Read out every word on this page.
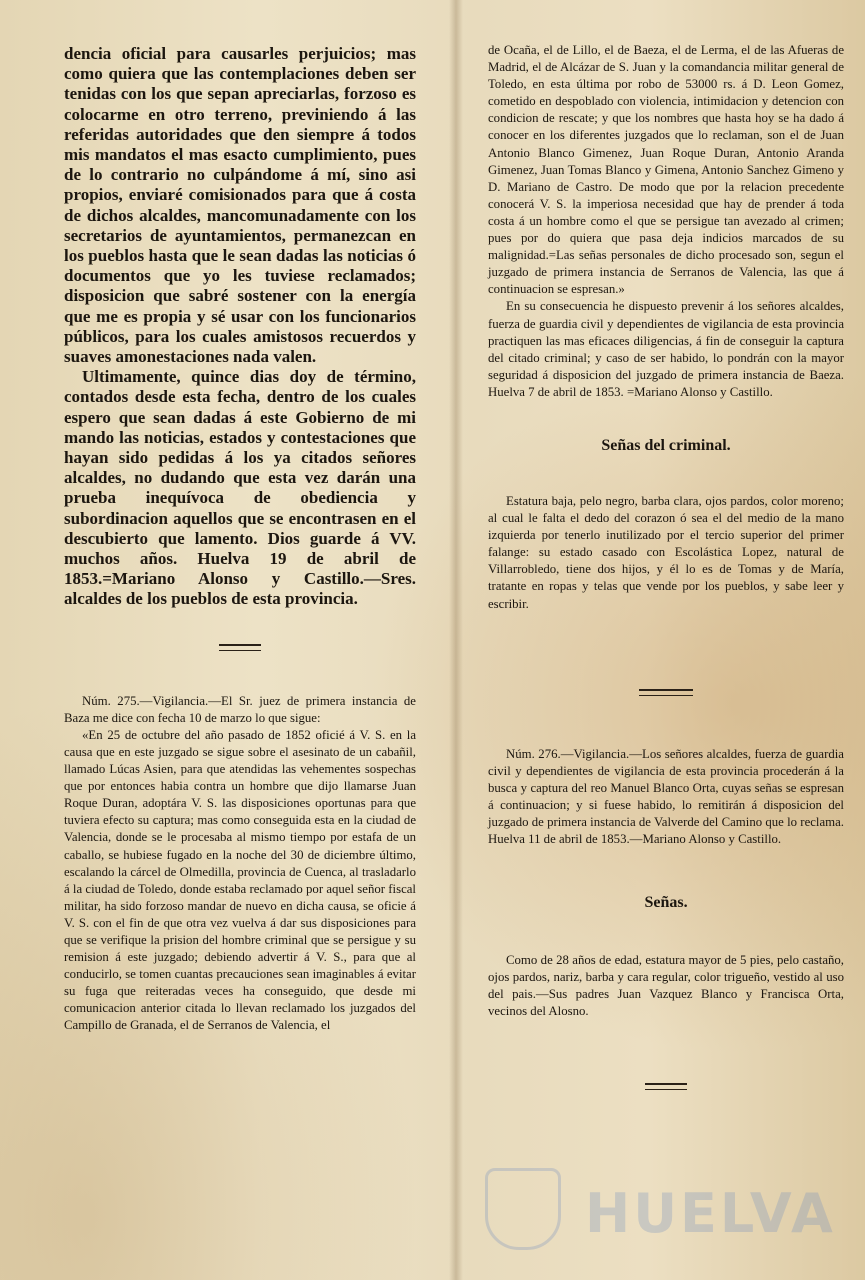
dencia oficial para causarles perjuicios; mas como quiera que las contemplaciones deben ser tenidas con los que sepan apreciarlas, forzoso es colocarme en otro terreno, previniendo á las referidas autoridades que den siempre á todos mis mandatos el mas esacto cumplimiento, pues de lo contrario no culpándome á mí, sino asi propios, enviaré comisionados para que á costa de dichos alcaldes, mancomunadamente con los secretarios de ayuntamientos, permanezcan en los pueblos hasta que le sean dadas las noticias ó documentos que yo les tuviese reclamados; disposicion que sabré sostener con la energía que me es propia y sé usar con los funcionarios públicos, para los cuales amistosos recuerdos y suaves amonestaciones nada valen.

Ultimamente, quince dias doy de término, contados desde esta fecha, dentro de los cuales espero que sean dadas á este Gobierno de mi mando las noticias, estados y contestaciones que hayan sido pedidas á los ya citados señores alcaldes, no dudando que esta vez darán una prueba inequívoca de obediencia y subordinacion aquellos que se encontrasen en el descubierto que lamento. Dios guarde á VV. muchos años. Huelva 19 de abril de 1853.=Mariano Alonso y Castillo.—Sres. alcaldes de los pueblos de esta provincia.

Núm. 275.—Vigilancia.—El Sr. juez de primera instancia de Baza me dice con fecha 10 de marzo lo que sigue:

«En 25 de octubre del año pasado de 1852 oficié á V. S. en la causa que en este juzgado se sigue sobre el asesinato de un cabañil, llamado Lúcas Asien, para que atendidas las vehementes sospechas que por entonces habia contra un hombre que dijo llamarse Juan Roque Duran, adoptára V. S. las disposiciones oportunas para que tuviera efecto su captura; mas como conseguida esta en la ciudad de Valencia, donde se le procesaba al mismo tiempo por estafa de un caballo, se hubiese fugado en la noche del 30 de diciembre último, escalando la cárcel de Olmedilla, provincia de Cuenca, al trasladarlo á la ciudad de Toledo, donde estaba reclamado por aquel señor fiscal militar, ha sido forzoso mandar de nuevo en dicha causa, se oficie á V. S. con el fin de que otra vez vuelva á dar sus disposiciones para que se verifique la prision del hombre criminal que se persigue y su remision á este juzgado; debiendo advertir á V. S., para que al conducirlo, se tomen cuantas precauciones sean imaginables á evitar su fuga que reiteradas veces ha conseguido, que desde mi comunicacion anterior citada lo llevan reclamado los juzgados del Campillo de Granada, el de Serranos de Valencia, el

de Ocaña, el de Lillo, el de Baeza, el de Lerma, el de las Afueras de Madrid, el de Alcázar de S. Juan y la comandancia militar general de Toledo, en esta última por robo de 53000 rs. á D. Leon Gomez, cometido en despoblado con violencia, intimidacion y detencion con condicion de rescate; y que los nombres que hasta hoy se ha dado á conocer en los diferentes juzgados que lo reclaman, son el de Juan Antonio Blanco Gimenez, Juan Roque Duran, Antonio Aranda Gimenez, Juan Tomas Blanco y Gimena, Antonio Sanchez Gimeno y D. Mariano de Castro. De modo que por la relacion precedente conocerá V. S. la imperiosa necesidad que hay de prender á toda costa á un hombre como el que se persigue tan avezado al crimen; pues por do quiera que pasa deja indicios marcados de su malignidad.=Las señas personales de dicho procesado son, segun el juzgado de primera instancia de Serranos de Valencia, las que á continuacion se espresan.»

En su consecuencia he dispuesto prevenir á los señores alcaldes, fuerza de guardia civil y dependientes de vigilancia de esta provincia practiquen las mas eficaces diligencias, á fin de conseguir la captura del citado criminal; y caso de ser habido, lo pondrán con la mayor seguridad á disposicion del juzgado de primera instancia de Baeza. Huelva 7 de abril de 1853. =Mariano Alonso y Castillo.

Señas del criminal.

Estatura baja, pelo negro, barba clara, ojos pardos, color moreno; al cual le falta el dedo del corazon ó sea el del medio de la mano izquierda por tenerlo inutilizado por el tercio superior del primer falange: su estado casado con Escolástica Lopez, natural de Villarrobledo, tiene dos hijos, y él lo es de Tomas y de María, tratante en ropas y telas que vende por los pueblos, y sabe leer y escribir.

Núm. 276.—Vigilancia.—Los señores alcaldes, fuerza de guardia civil y dependientes de vigilancia de esta provincia procederán á la busca y captura del reo Manuel Blanco Orta, cuyas señas se espresan á continuacion; y si fuese habido, lo remitirán á disposicion del juzgado de primera instancia de Valverde del Camino que lo reclama. Huelva 11 de abril de 1853.—Mariano Alonso y Castillo.

Señas.

Como de 28 años de edad, estatura mayor de 5 pies, pelo castaño, ojos pardos, nariz, barba y cara regular, color trigueño, vestido al uso del pais.—Sus padres Juan Vazquez Blanco y Francisca Orta, vecinos del Alosno.

HUELVA
